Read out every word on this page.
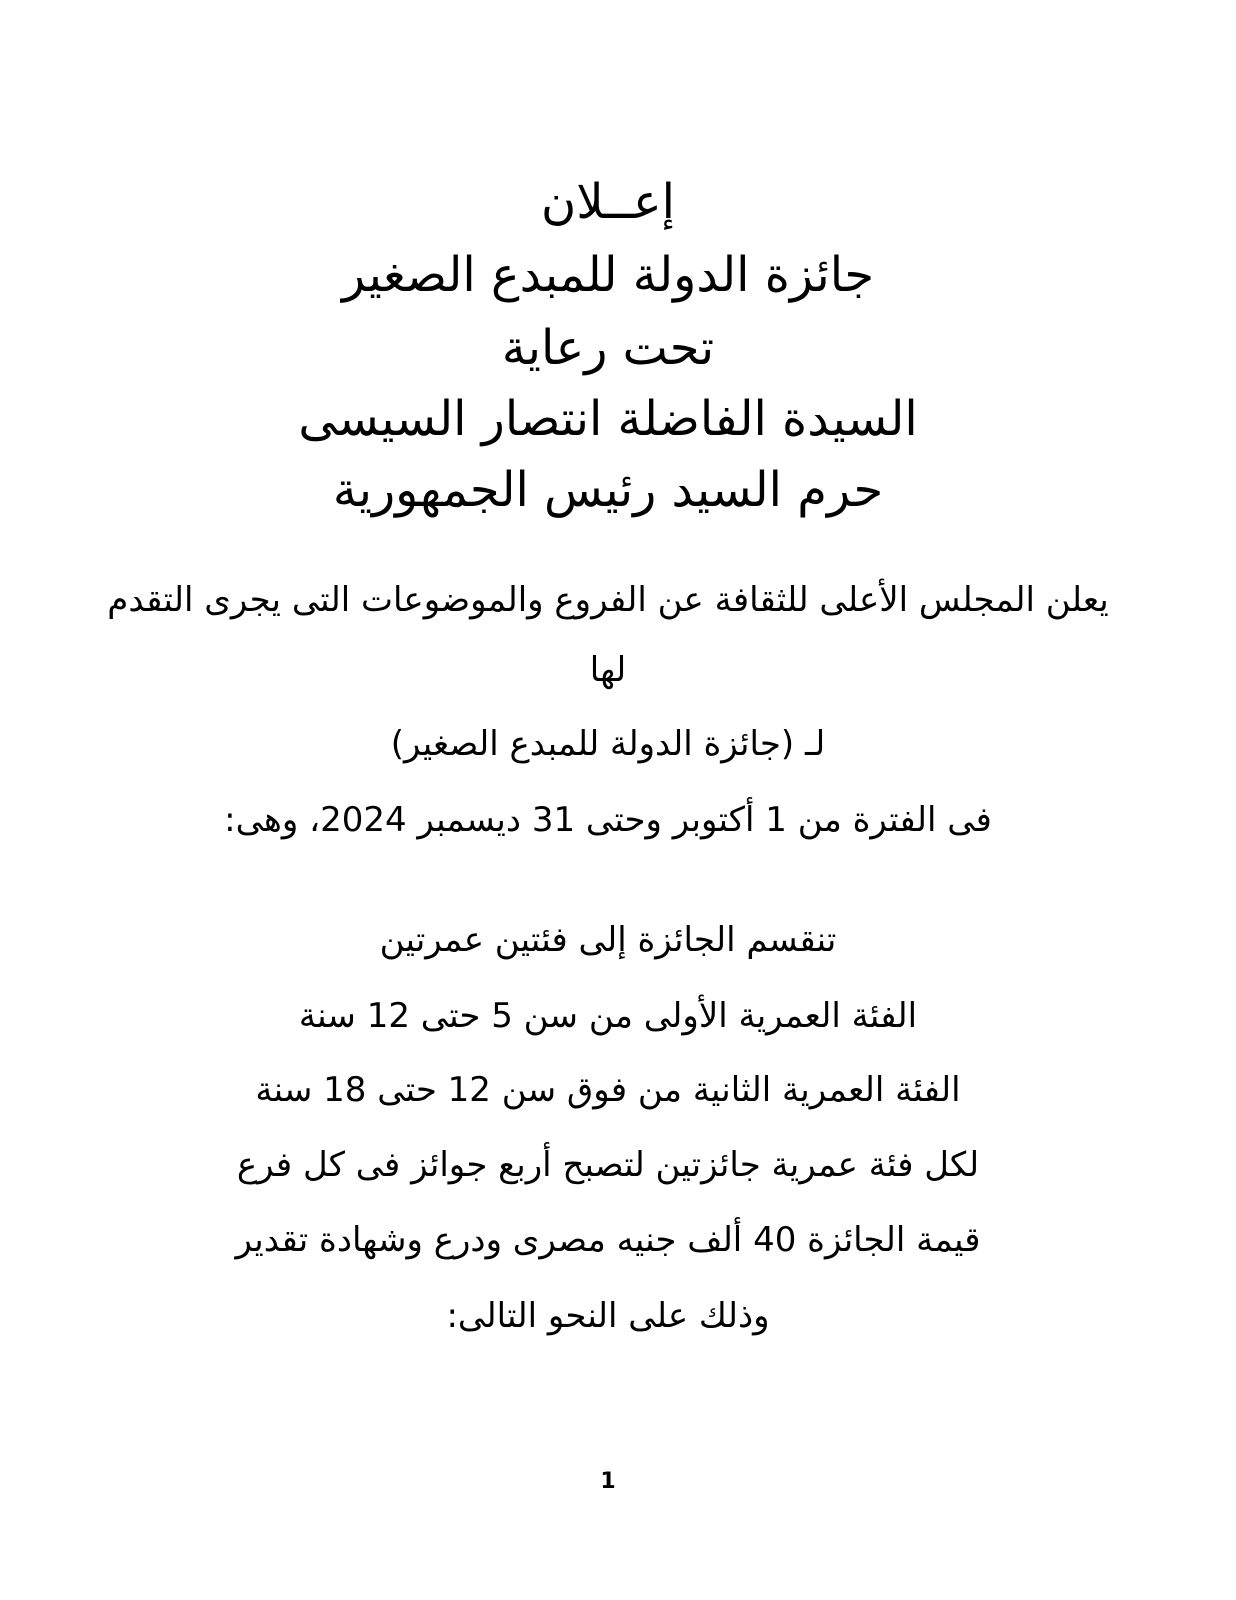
إعــلان
جائزة الدولة للمبدع الصغير
تحت رعاية
السيدة الفاضلة انتصار السيسى
حرم السيد رئيس الجمهورية
يعلن المجلس الأعلى للثقافة عن الفروع والموضوعات التى يجرى التقدم
لها
لـ (جائزة الدولة للمبدع الصغير)
فى الفترة من 1 أكتوبر وحتى 31 ديسمبر 2024، وهى:
تنقسم الجائزة إلى فئتين عمرتين
الفئة العمرية الأولى من سن 5 حتى 12 سنة
الفئة العمرية الثانية من فوق سن 12 حتى 18 سنة
لكل فئة عمرية جائزتين لتصبح أربع جوائز فى كل فرع
قيمة الجائزة 40 ألف جنيه مصرى ودرع وشهادة تقدير
وذلك على النحو التالى:
1
